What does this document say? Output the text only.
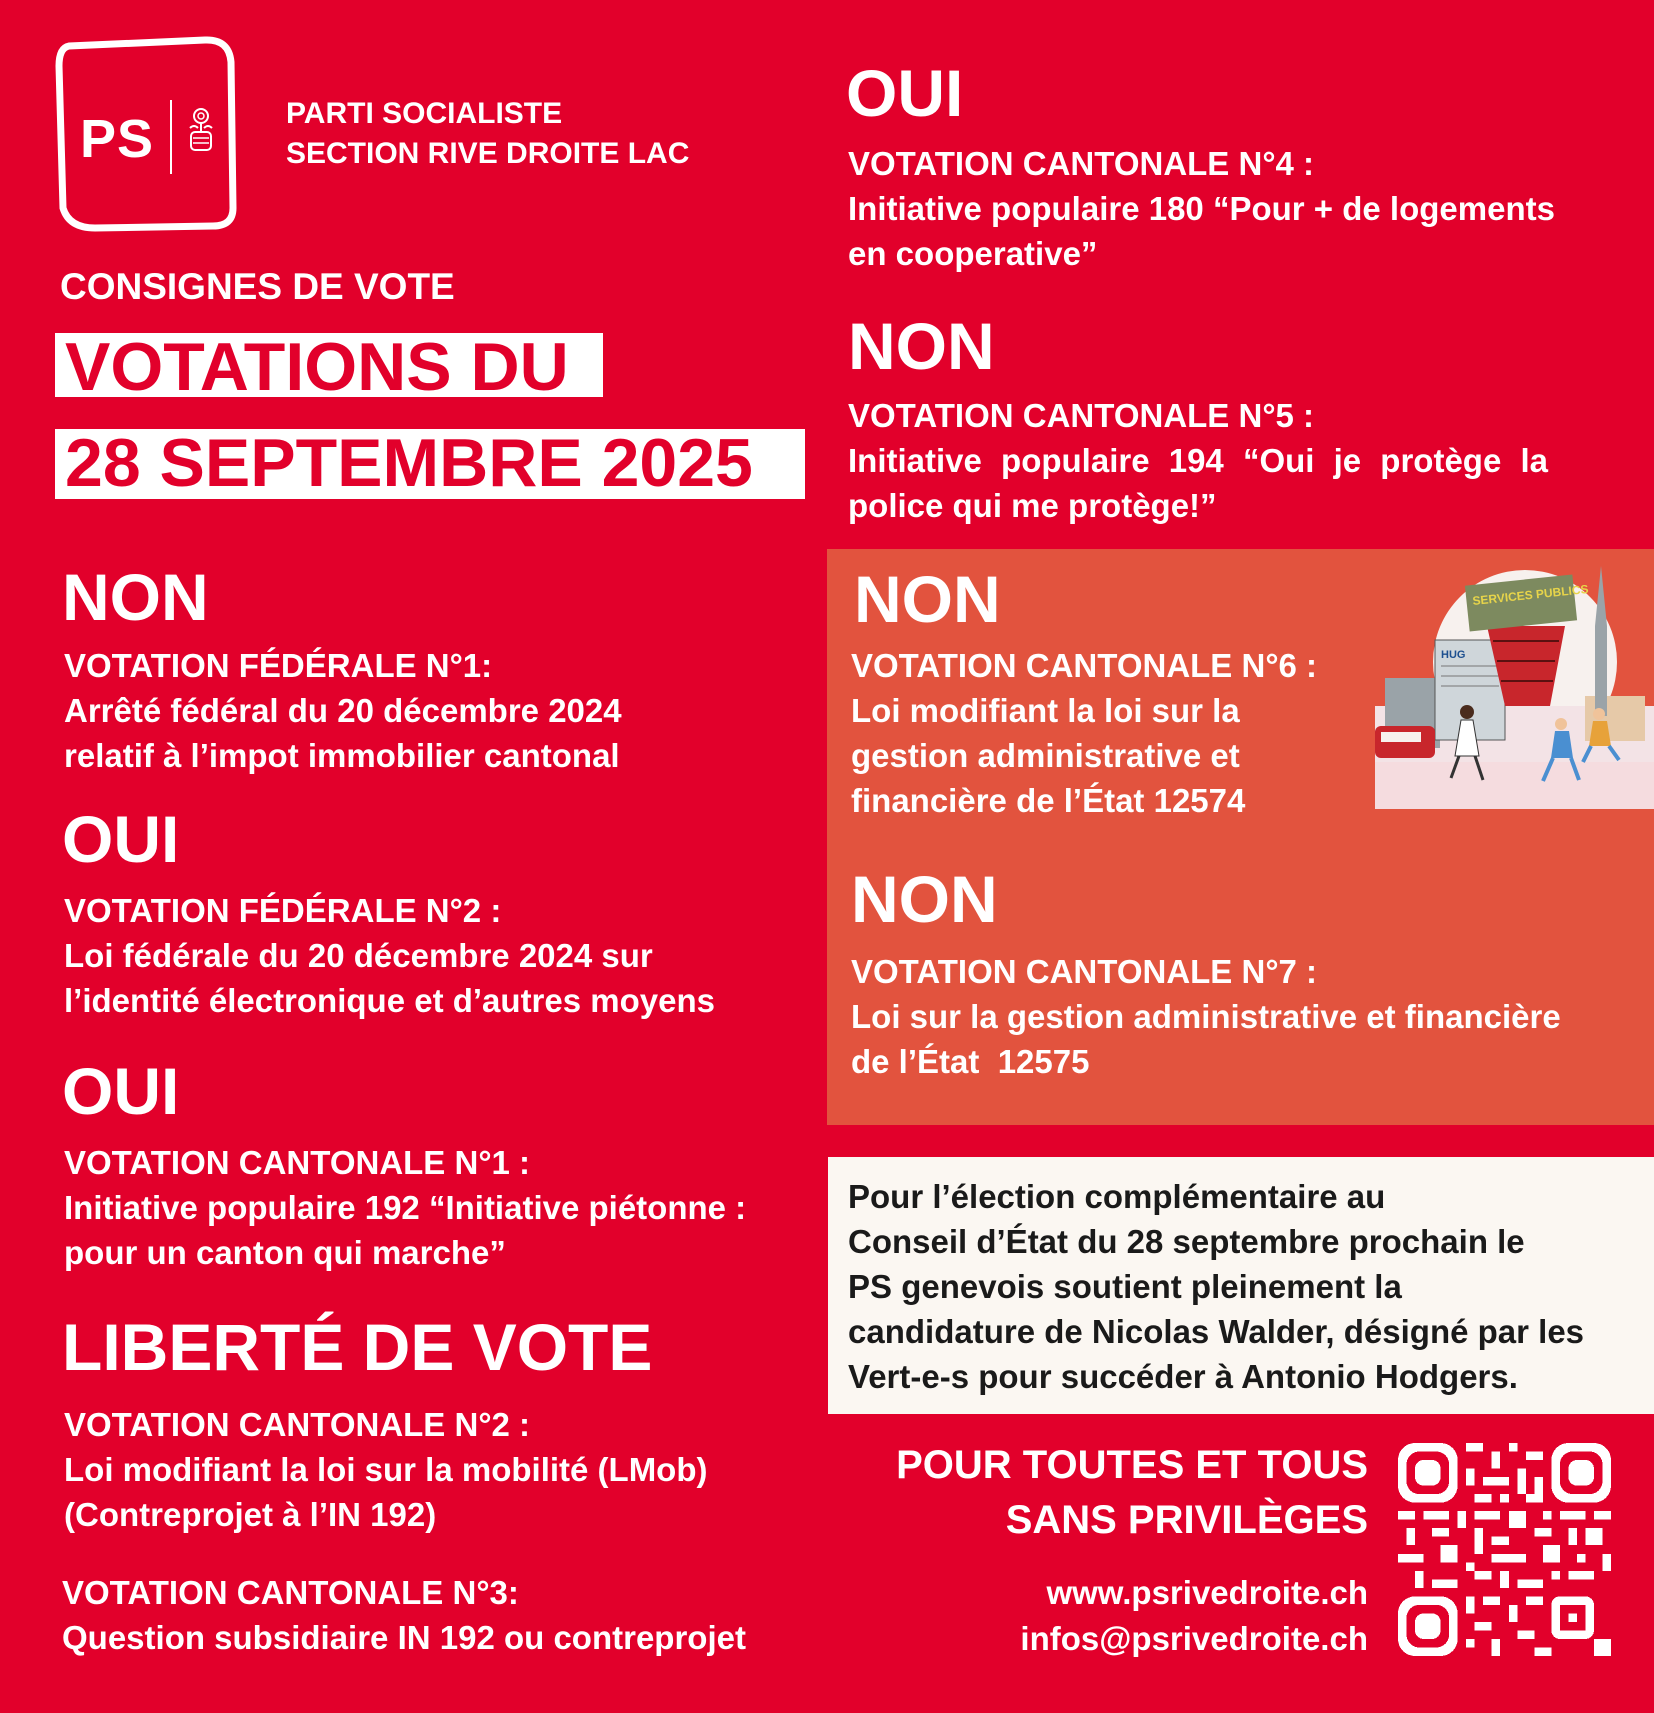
PS	PARTI SOCIALISTE
SECTION RIVE DROITE LAC
CONSIGNES DE VOTE
VOTATIONS DU
28 SEPTEMBRE 2025
NON
VOTATION FÉDÉRALE N°1:
Arrêté fédéral du 20 décembre 2024
relatif à l’impot immobilier cantonal
OUI
VOTATION FÉDÉRALE N°2 :
Loi fédérale du 20 décembre 2024 sur
l’identité électronique et d’autres moyens
OUI
VOTATION CANTONALE N°1 :
Initiative populaire 192 “Initiative piétonne :
pour un canton qui marche”
LIBERTÉ DE VOTE
VOTATION CANTONALE N°2 :
Loi modifiant la loi sur la mobilité (LMob)
(Contreprojet à l’IN 192)
VOTATION CANTONALE N°3:
Question subsidiaire IN 192 ou contreprojet
OUI
VOTATION CANTONALE N°4 :
Initiative populaire 180 “Pour + de logements
en cooperative”
NON
VOTATION CANTONALE N°5 :
Initiative populaire 194 “Oui je protège la
police qui me protège!”
NON
VOTATION CANTONALE N°6 :
Loi modifiant la loi sur la
gestion administrative et
financière de l’État 12574
HUG
SERVICES PUBLICS
NON
VOTATION CANTONALE N°7 :
Loi sur la gestion administrative et financière
de l’État  12575
Pour l’élection complémentaire au
Conseil d’État du 28 septembre prochain le
PS genevois soutient pleinement la
candidature de Nicolas Walder, désigné par les
Vert-e-s pour succéder à Antonio Hodgers.
POUR TOUTES ET TOUS
SANS PRIVILÈGES
www.psrivedroite.ch
infos@psrivedroite.ch
